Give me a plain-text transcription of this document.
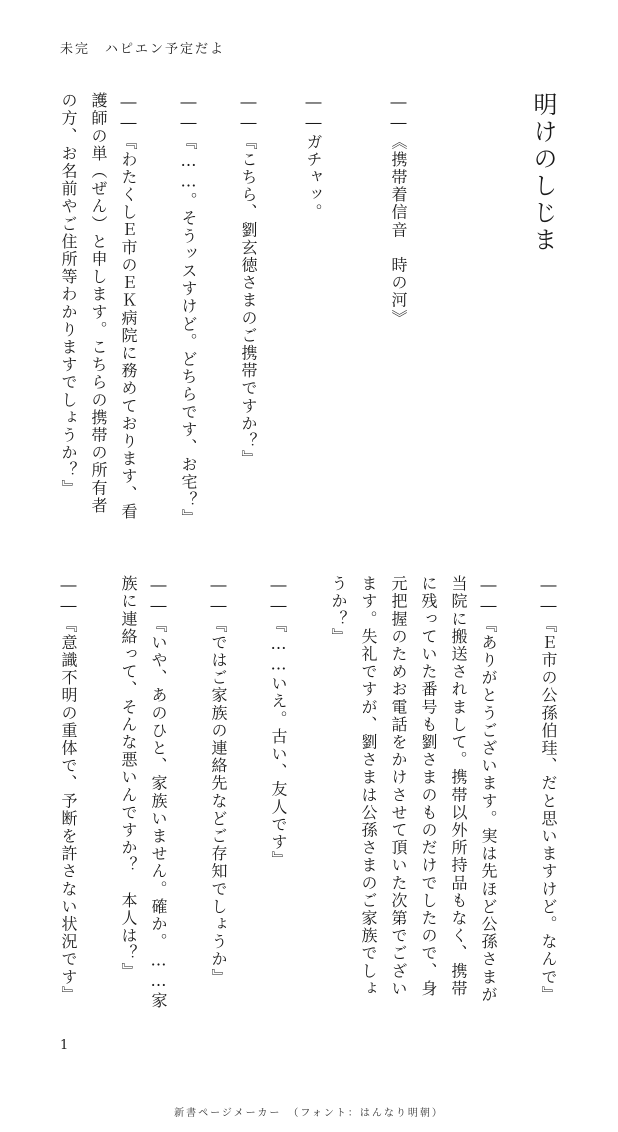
未完　ハピエン予定だよ
明けのしじま
――《携帯着信音　時の河》
――ガチャッ。
――『こちら、劉玄徳さまのご携帯ですか？』
――『……。そうッスすけど。どちらです、お宅？』
――『わたくしＥ市のＥＫ病院に務めております、看
護師の単（ぜん）と申します。こちらの携帯の所有者
の方、お名前やご住所等わかりますでしょうか？』
――『Ｅ市の公孫伯珪、だと思いますけど。なんで』
――『ありがとうございます。実は先ほど公孫さまが
当院に搬送されまして。携帯以外所持品もなく、携帯
に残っていた番号も劉さまのものだけでしたので、身
元把握のためお電話をかけさせて頂いた次第でござい
ます。失礼ですが、劉さまは公孫さまのご家族でしょ
うか？』
――『……いえ。古い、友人です』
――『ではご家族の連絡先などご存知でしょうか』
――『いや、あのひと、家族いません。確か。……家
族に連絡って、そんな悪いんですか？　本人は？』
――『意識不明の重体で、予断を許さない状況です』
1
新書ページメーカー　（フォント：はんなり明朝）
